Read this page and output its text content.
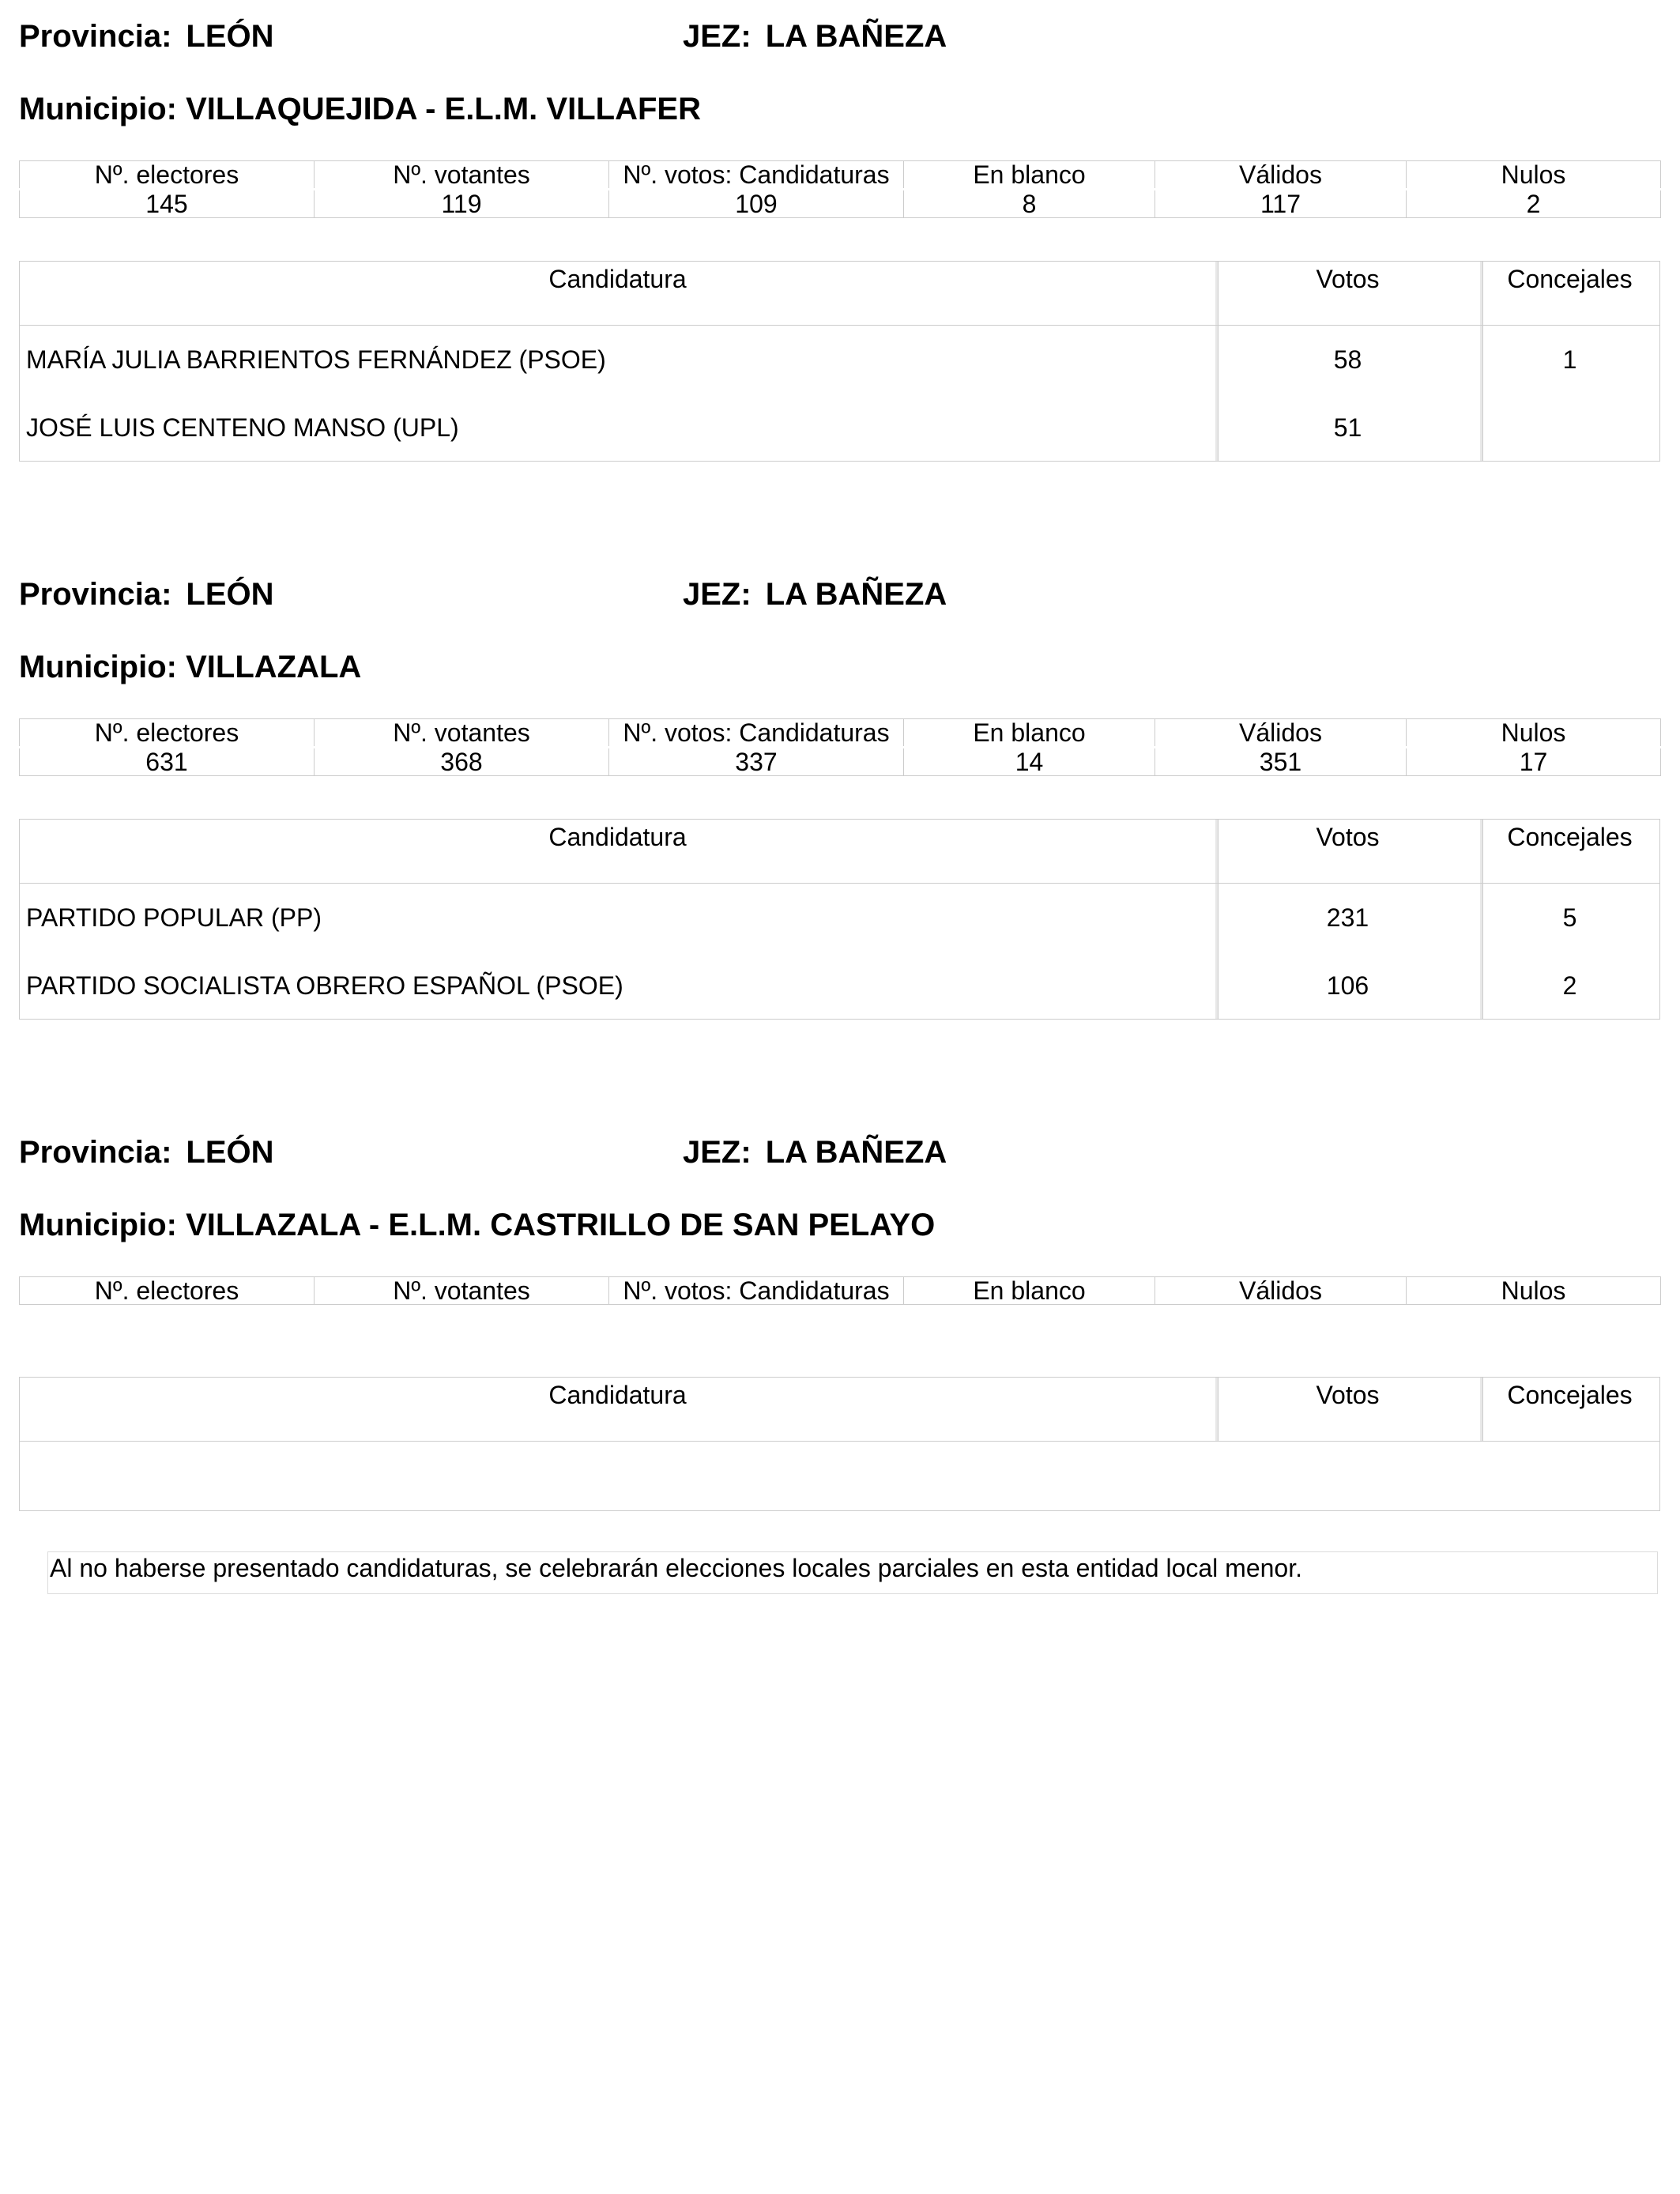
Provincia: LEÓN	JEZ: LA BAÑEZA
Municipio: VILLAQUEJIDA - E.L.M. VILLAFER
Nº. electores	Nº. votantes	Nº. votos: Candidaturas	En blanco	Válidos	Nulos
145	119	109	8	117	2
Candidatura	Votos	Concejales
MARÍA JULIA BARRIENTOS FERNÁNDEZ (PSOE)	58	1
JOSÉ LUIS CENTENO MANSO (UPL)	51
Provincia: LEÓN	JEZ: LA BAÑEZA
Municipio: VILLAZALA
Nº. electores	Nº. votantes	Nº. votos: Candidaturas	En blanco	Válidos	Nulos
631	368	337	14	351	17
Candidatura	Votos	Concejales
PARTIDO POPULAR (PP)	231	5
PARTIDO SOCIALISTA OBRERO ESPAÑOL (PSOE)	106	2
Provincia: LEÓN	JEZ: LA BAÑEZA
Municipio: VILLAZALA - E.L.M. CASTRILLO DE SAN PELAYO
Nº. electores	Nº. votantes	Nº. votos: Candidaturas	En blanco	Válidos	Nulos
Candidatura	Votos	Concejales
Al no haberse presentado candidaturas, se celebrarán elecciones locales parciales en esta entidad local menor.
